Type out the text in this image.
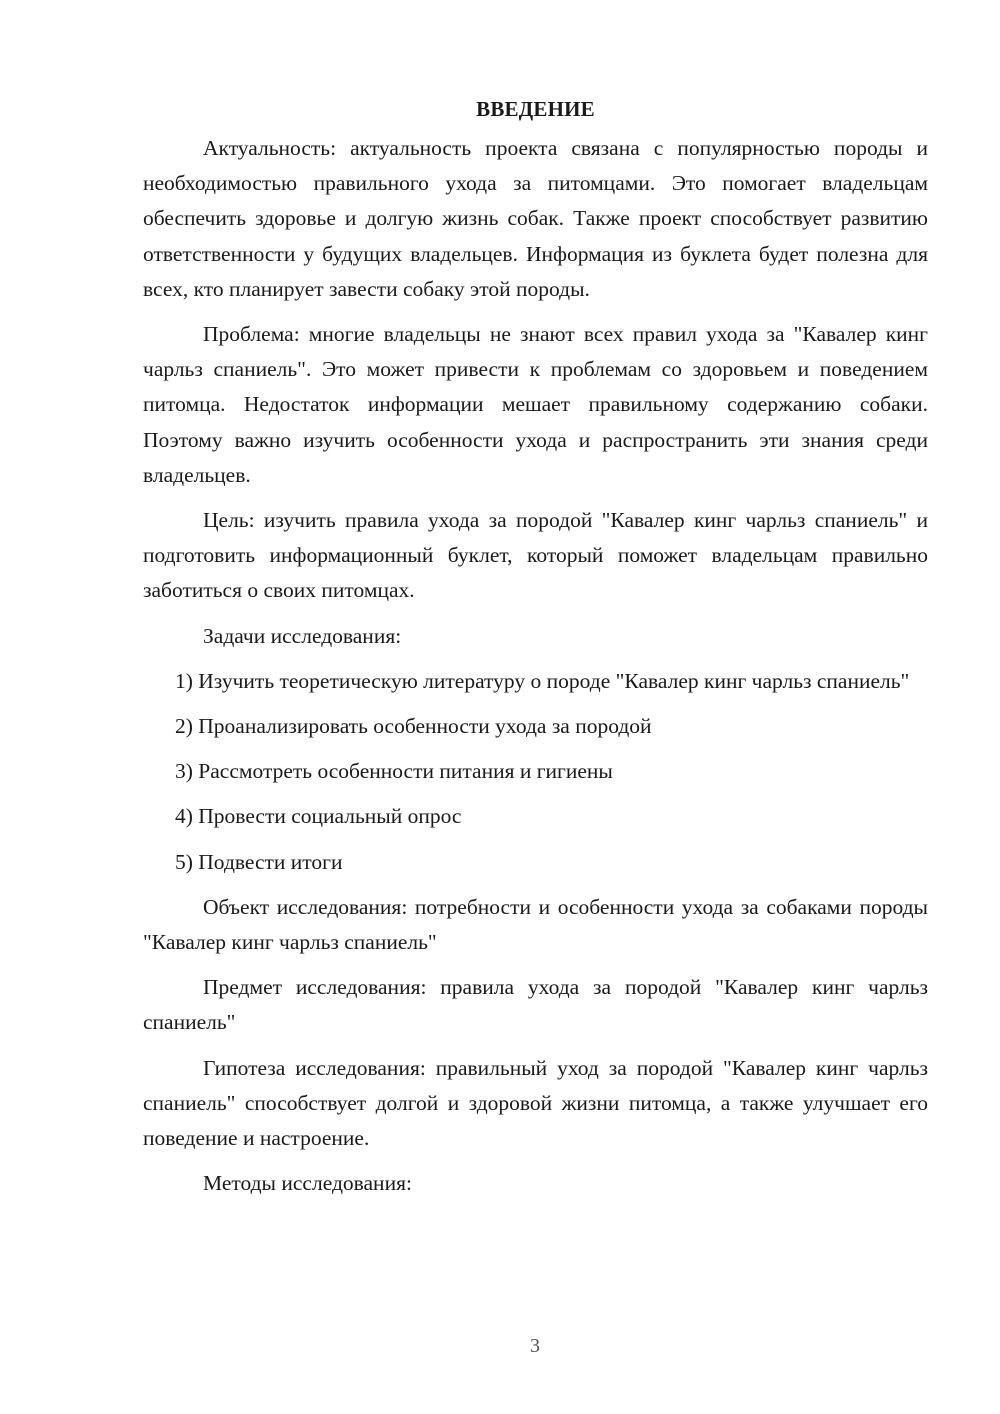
ВВЕДЕНИЕ

Актуальность: актуальность проекта связана с популярностью породы и необходимостью правильного ухода за питомцами. Это помогает владельцам обеспечить здоровье и долгую жизнь собак. Также проект способствует развитию ответственности у будущих владельцев. Информация из буклета будет полезна для всех, кто планирует завести собаку этой породы.

Проблема: многие владельцы не знают всех правил ухода за "Кавалер кинг чарльз спаниель". Это может привести к проблемам со здоровьем и поведением питомца. Недостаток информации мешает правильному содержанию собаки. Поэтому важно изучить особенности ухода и распространить эти знания среди владельцев.

Цель: изучить правила ухода за породой "Кавалер кинг чарльз спаниель" и подготовить информационный буклет, который поможет владельцам правильно заботиться о своих питомцах.

Задачи исследования:

1) Изучить теоретическую литературу о породе "Кавалер кинг чарльз спаниель"

2) Проанализировать особенности ухода за породой

3) Рассмотреть особенности питания и гигиены

4) Провести социальный опрос

5) Подвести итоги

Объект исследования: потребности и особенности ухода за собаками породы "Кавалер кинг чарльз спаниель"

Предмет исследования: правила ухода за породой "Кавалер кинг чарльз спаниель"

Гипотеза исследования: правильный уход за породой "Кавалер кинг чарльз спаниель" способствует долгой и здоровой жизни питомца, а также улучшает его поведение и настроение.

Методы исследования:

3
